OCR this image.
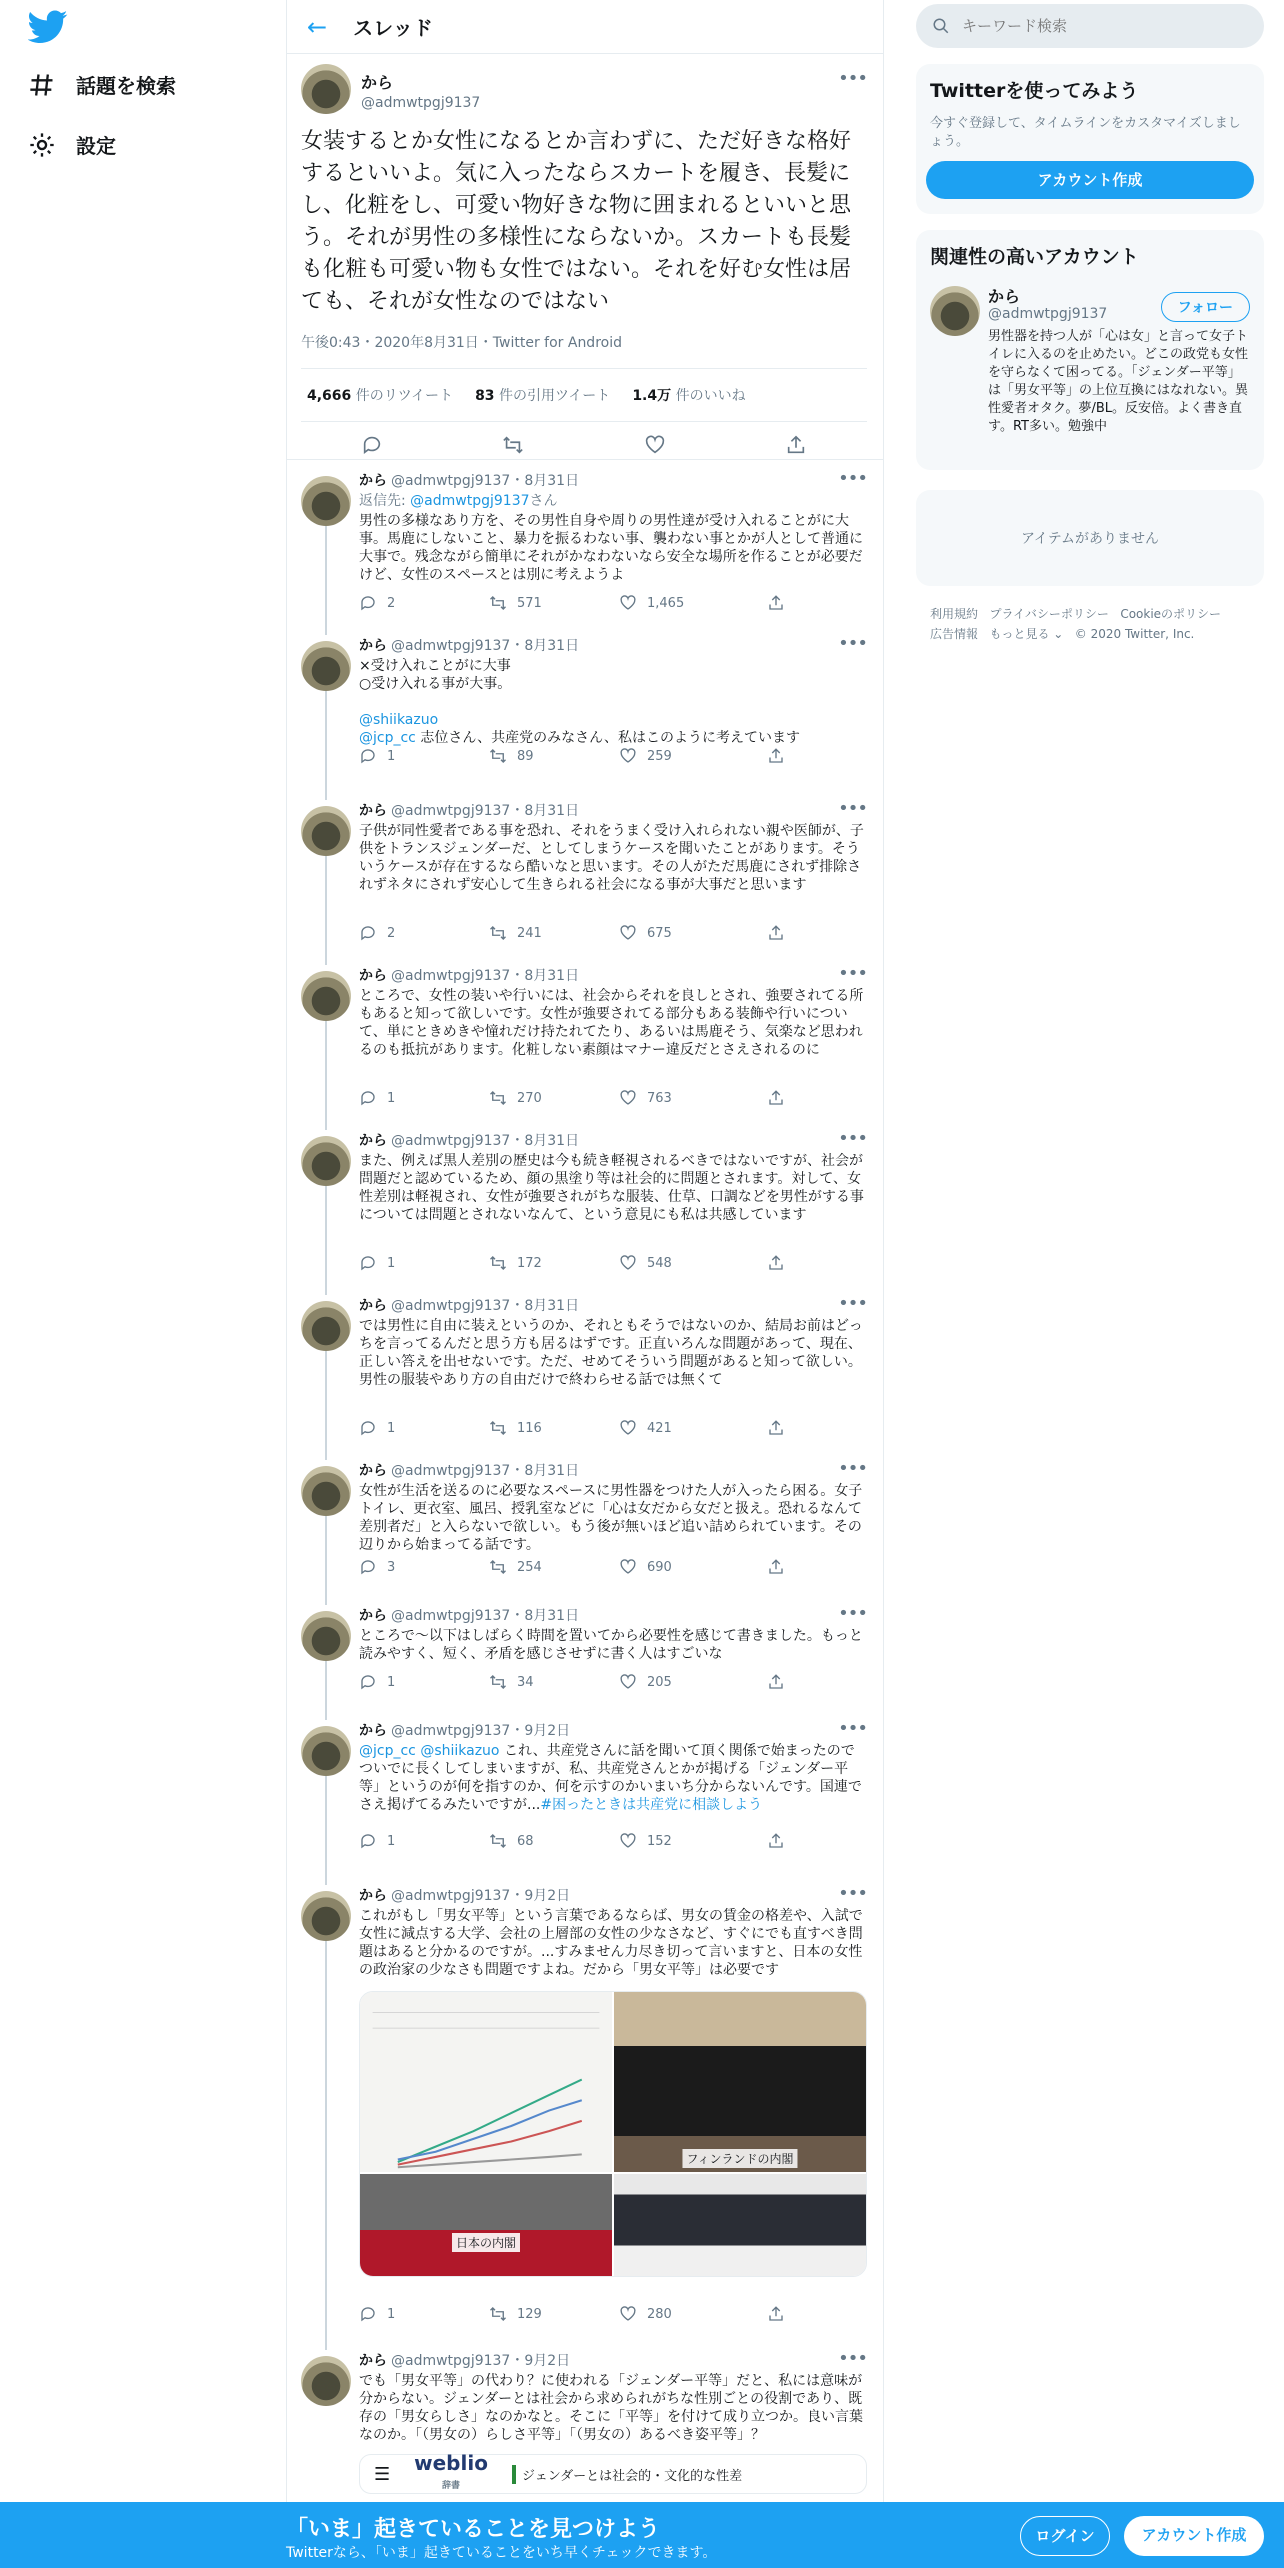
話題を検索
設定
← スレッド
•••
から
@admwtpgj9137
女装するとか女性になるとか言わずに、ただ好きな格好するといいよ。気に入ったならスカートを履き、長髪にし、化粧をし、可愛い物好きな物に囲まれるといいと思う。それが男性の多様性にならないか。スカートも長髪も化粧も可愛い物も女性ではない。それを好む女性は居ても、それが女性なのではない
午後0:43・2020年8月31日・Twitter for Android
4,666 件のリツイート 83 件の引用ツイート 1.4万 件のいいね
•••
から @admwtpgj9137・8月31日
返信先: @admwtpgj9137さん
男性の多様なあり方を、その男性自身や周りの男性達が受け入れることがに大事。馬鹿にしないこと、暴力を振るわない事、襲わない事とかが人として普通に大事で。残念ながら簡単にそれがかなわないなら安全な場所を作ることが必要だけど、女性のスペースとは別に考えようよ
2	571	1,465
•••
から @admwtpgj9137・8月31日
×受け入れことがに大事
○受け入れる事が大事。
@shiikazuo
@jcp_cc 志位さん、共産党のみなさん、私はこのように考えています
1	89	259
•••
から @admwtpgj9137・8月31日
子供が同性愛者である事を恐れ、それをうまく受け入れられない親や医師が、子供をトランスジェンダーだ、としてしまうケースを聞いたことがあります。そういうケースが存在するなら酷いなと思います。その人がただ馬鹿にされず排除されずネタにされず安心して生きられる社会になる事が大事だと思います
2	241	675
•••
から @admwtpgj9137・8月31日
ところで、女性の装いや行いには、社会からそれを良しとされ、強要されてる所もあると知って欲しいです。女性が強要されてる部分もある装飾や行いについて、単にときめきや憧れだけ持たれてたり、あるいは馬鹿そう、気楽など思われるのも抵抗があります。化粧しない素顔はマナー違反だとさえされるのに
1	270	763
•••
から @admwtpgj9137・8月31日
また、例えば黒人差別の歴史は今も続き軽視されるべきではないですが、社会が問題だと認めているため、顔の黒塗り等は社会的に問題とされます。対して、女性差別は軽視され、女性が強要されがちな服装、仕草、口調などを男性がする事については問題とされないなんて、という意見にも私は共感しています
1	172	548
•••
から @admwtpgj9137・8月31日
では男性に自由に装えというのか、それともそうではないのか、結局お前はどっちを言ってるんだと思う方も居るはずです。正直いろんな問題があって、現在、正しい答えを出せないです。ただ、せめてそういう問題があると知って欲しい。男性の服装やあり方の自由だけで終わらせる話では無くて
1	116	421
•••
から @admwtpgj9137・8月31日
女性が生活を送るのに必要なスペースに男性器をつけた人が入ったら困る。女子トイレ、更衣室、風呂、授乳室などに「心は女だから女だと扱え。恐れるなんて差別者だ」と入らないで欲しい。もう後が無いほど追い詰められています。その辺りから始まってる話です。
3	254	690
•••
から @admwtpgj9137・8月31日
ところで～以下はしばらく時間を置いてから必要性を感じて書きました。もっと読みやすく、短く、矛盾を感じさせずに書く人はすごいな
1	34	205
•••
から @admwtpgj9137・9月2日
@jcp_cc @shiikazuo これ、共産党さんに話を聞いて頂く関係で始まったのでついでに長くしてしまいますが、私、共産党さんとかが掲げる「ジェンダー平等」というのが何を指すのか、何を示すのかいまいち分からないんです。国連でさえ掲げてるみたいですが...#困ったときは共産党に相談しよう
1	68	152
•••
から @admwtpgj9137・9月2日
これがもし「男女平等」という言葉であるならば、男女の賃金の格差や、入試で女性に減点する大学、会社の上層部の女性の少なさなど、すぐにでも直すべき問題はあると分かるのですが。...すみません力尽き切って言いますと、日本の女性の政治家の少なさも問題ですよね。だから「男女平等」は必要です
フィンランドの内閣
日本の内閣
1	129	280
•••
から @admwtpgj9137・9月2日
でも「男女平等」の代わり？に使われる「ジェンダー平等」だと、私には意味が分からない。ジェンダーとは社会から求められがちな性別ごとの役割であり、既存の「男女らしさ」なのかなと。そこに「平等」を付けて成り立つか。良い言葉なのか。「（男女の）らしさ平等」「（男女の）あるべき姿平等」？
☰ weblio
辞書
ジェンダーとは社会的・文化的な性差
キーワード検索
Twitterを使ってみよう
今すぐ登録して、タイムラインをカスタマイズしましょう。
アカウント作成
関連性の高いアカウント
から
@admwtpgj9137	フォロー
男性器を持つ人が「心は女」と言って女子トイレに入るのを止めたい。どこの政党も女性を守らなくて困ってる。「ジェンダー平等」は「男女平等」の上位互換にはなれない。異性愛者オタク。夢/BL。反安倍。よく書き直す。RT多い。勉強中
アイテムがありません
利用規約 プライバシーポリシー Cookieのポリシー
広告情報 もっと見る ⌄   © 2020 Twitter, Inc.
「いま」起きていることを見つけよう
Twitterなら、「いま」起きていることをいち早くチェックできます。
ログイン	アカウント作成
